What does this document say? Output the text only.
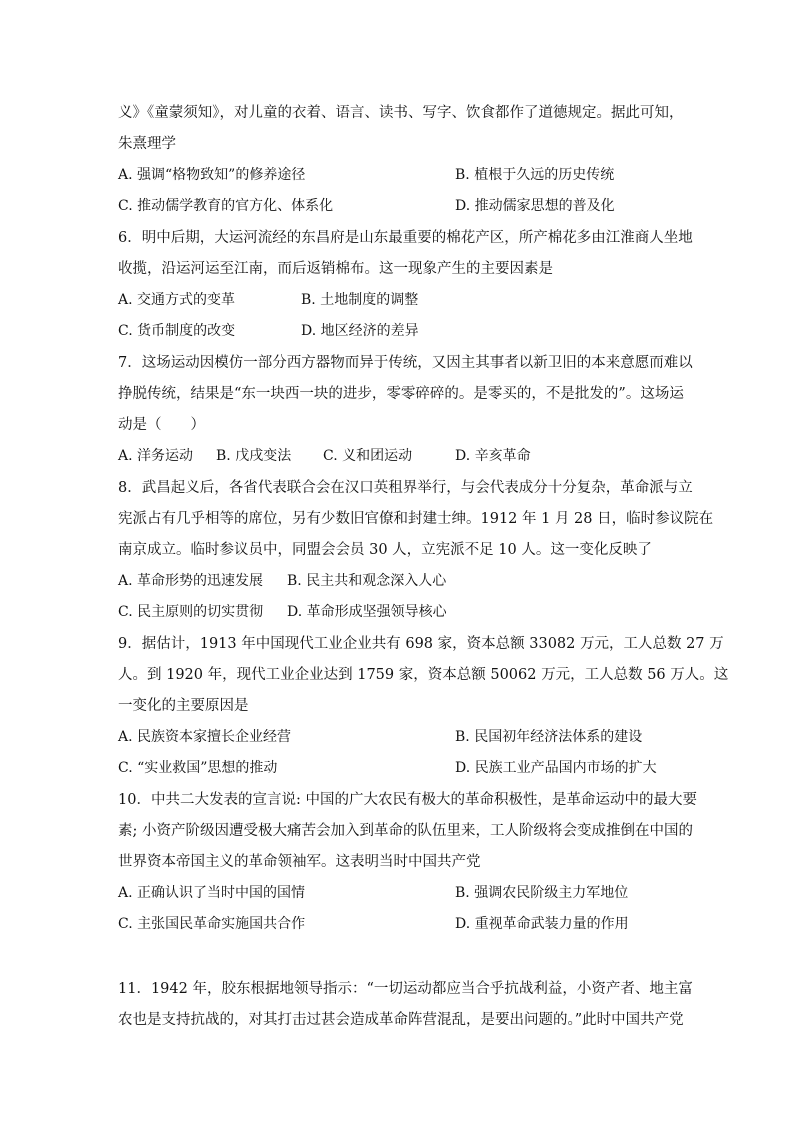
义》《童蒙须知》，对儿童的衣着、语言、读书、写字、饮食都作了道德规定。据此可知，
朱熹理学
A. 强调“格物致知”的修养途径	B. 植根于久远的历史传统
C. 推动儒学教育的官方化、体系化	D. 推动儒家思想的普及化
6．明中后期，大运河流经的东昌府是山东最重要的棉花产区，所产棉花多由江淮商人坐地
收揽，沿运河运至江南，而后返销棉布。这一现象产生的主要因素是
A. 交通方式的变革	B. 土地制度的调整
C. 货币制度的改变	D. 地区经济的差异
7．这场运动因模仿一部分西方器物而异于传统，又因主其事者以新卫旧的本来意愿而难以
挣脱传统，结果是“东一块西一块的进步，零零碎碎的。是零买的，不是批发的”。这场运
动是（　　）
A. 洋务运动 B. 戊戌变法 C. 义和团运动	D. 辛亥革命
8．武昌起义后，各省代表联合会在汉口英租界举行，与会代表成分十分复杂，革命派与立
宪派占有几乎相等的席位，另有少数旧官僚和封建士绅。1912 年 1 月 28 日，临时参议院在
南京成立。临时参议员中，同盟会会员 30 人，立宪派不足 10 人。这一变化反映了
A. 革命形势的迅速发展 B. 民主共和观念深入人心
C. 民主原则的切实贯彻 D. 革命形成坚强领导核心
9．据估计，1913 年中国现代工业企业共有 698 家，资本总额 33082 万元，工人总数 27 万
人。到 1920 年，现代工业企业达到 1759 家，资本总额 50062 万元，工人总数 56 万人。这
一变化的主要原因是
A. 民族资本家擅长企业经营	B. 民国初年经济法体系的建设
C. “实业救国”思想的推动	D. 民族工业产品国内市场的扩大
10．中共二大发表的宣言说: 中国的广大农民有极大的革命积极性，是革命运动中的最大要
素; 小资产阶级因遭受极大痛苦会加入到革命的队伍里来，工人阶级将会变成推倒在中国的
世界资本帝国主义的革命领袖军。这表明当时中国共产党
A. 正确认识了当时中国的国情	B. 强调农民阶级主力军地位
C. 主张国民革命实施国共合作	D. 重视革命武装力量的作用
11．1942 年，胶东根据地领导指示：“一切运动都应当合乎抗战利益，小资产者、地主富
农也是支持抗战的，对其打击过甚会造成革命阵营混乱，是要出问题的。”此时中国共产党
